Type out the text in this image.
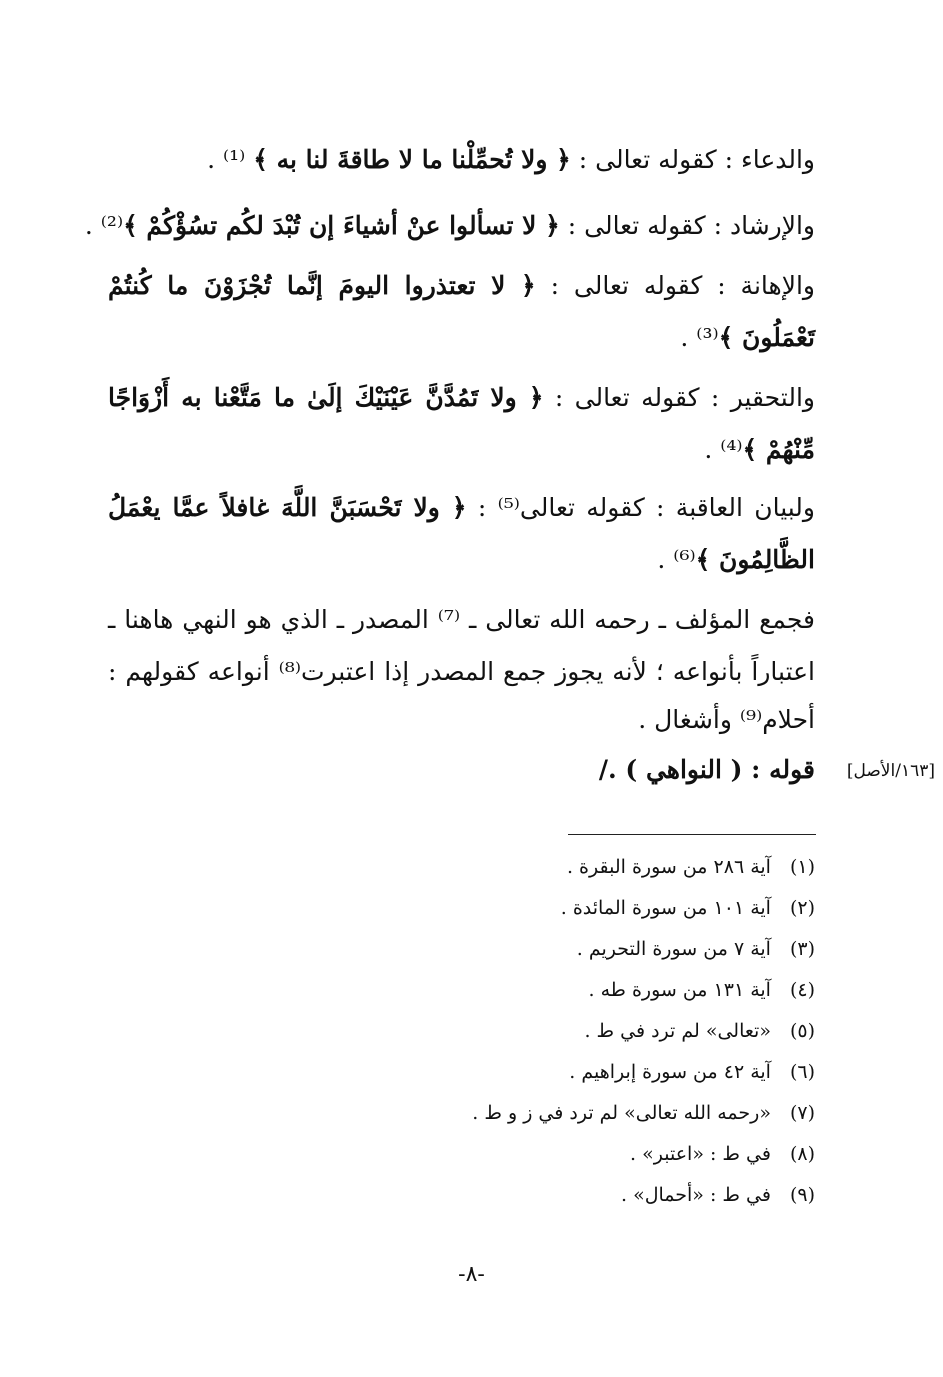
والدعاء : كقوله تعالى : ﴿ ولا تُحمِّلْنا ما لا طاقةَ لنا به ﴾ ⁽¹⁾ .
والإرشاد : كقوله تعالى : ﴿ لا تسألوا عنْ أشياءَ إن تُبْدَ لكُم تسُؤْكُمْ ﴾⁽²⁾ .
والإهانة : كقوله تعالى : ﴿ لا تعتذروا اليومَ إنَّما تُجْزَوْنَ ما كُنتُمْ
تَعْمَلُونَ ﴾⁽³⁾ .
والتحقير : كقوله تعالى : ﴿ ولا تَمُدَّنَّ عَيْنَيْكَ إلَىٰ ما مَتَّعْنا به أَزْوَاجًا
مِّنْهُمْ ﴾⁽⁴⁾ .
ولبيان العاقبة : كقوله تعالى⁽⁵⁾ : ﴿ ولا تَحْسَبَنَّ اللَّهَ غافلاً عمَّا يعْمَلُ
الظَّالِمُونَ ﴾⁽⁶⁾ .
فجمع المؤلف ـ رحمه الله تعالى ـ ⁽⁷⁾ المصدر ـ الذي هو النهي هاهنا ـ
اعتباراً بأنواعه ؛ لأنه يجوز جمع المصدر إذا اعتبرت⁽⁸⁾ أنواعه كقولهم :
أحلام⁽⁹⁾ وأشغال .
قوله : ( النواهي ) ./	[١٦٣/الأصل]
(١) آية ٢٨٦ من سورة البقرة .
(٢) آية ١٠١ من سورة المائدة .
(٣) آية ٧ من سورة التحريم .
(٤) آية ١٣١ من سورة طه .
(٥) «تعالى» لم ترد في ط .
(٦) آية ٤٢ من سورة إبراهيم .
(٧) «رحمه الله تعالى» لم ترد في ز و ط .
(٨) في ط : «اعتبر» .
(٩) في ط : «أحمال» .
-٨-
